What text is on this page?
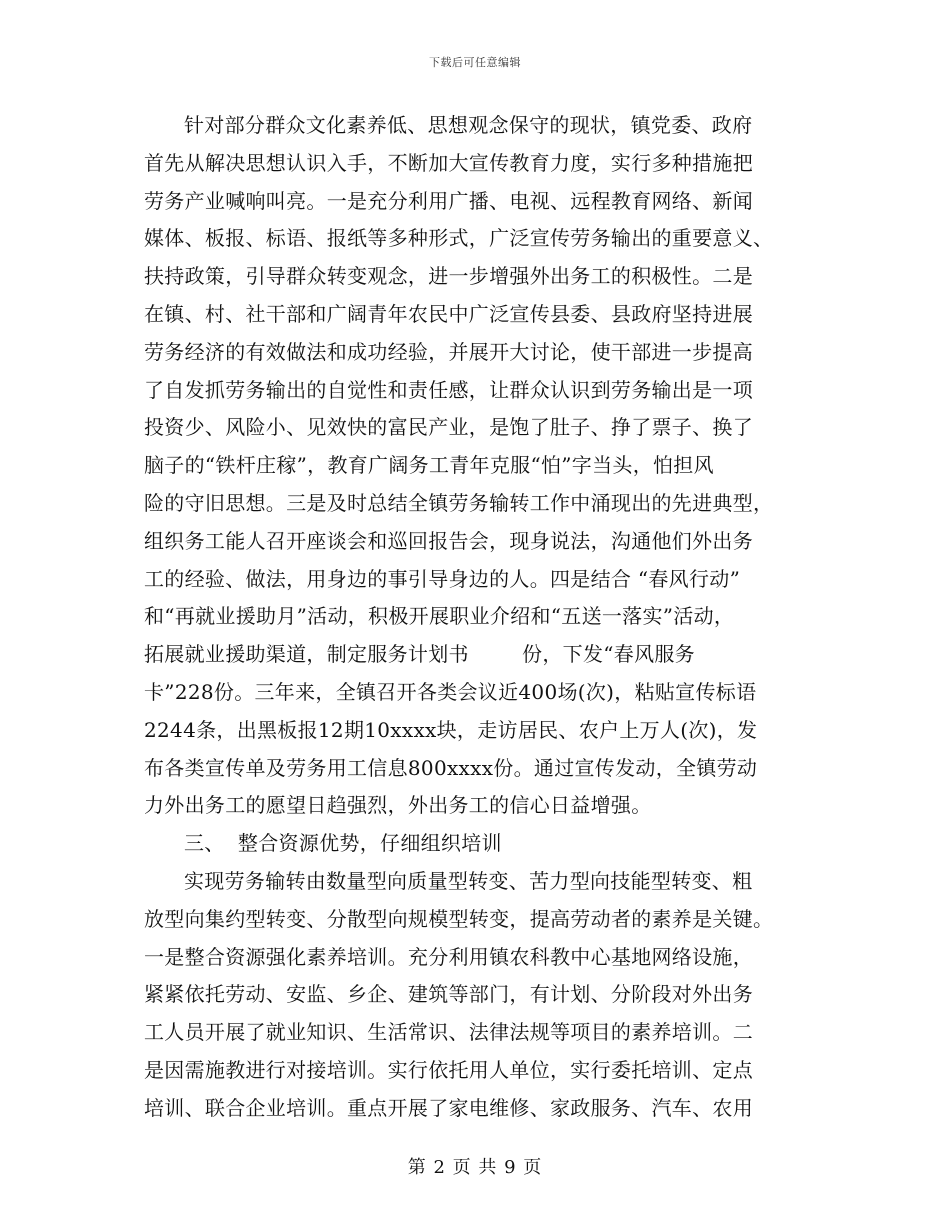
下载后可任意编辑
针对部分群众文化素养低、思想观念保守的现状，镇党委、政府
首先从解决思想认识入手，不断加大宣传教育力度，实行多种措施把
劳务产业喊响叫亮。一是充分利用广播、电视、远程教育网络、新闻
媒体、板报、标语、报纸等多种形式，广泛宣传劳务输出的重要意义、
扶持政策，引导群众转变观念，进一步增强外出务工的积极性。二是
在镇、村、社干部和广阔青年农民中广泛宣传县委、县政府坚持进展
劳务经济的有效做法和成功经验，并展开大讨论，使干部进一步提高
了自发抓劳务输出的自觉性和责任感，让群众认识到劳务输出是一项
投资少、风险小、见效快的富民产业，是饱了肚子、挣了票子、换了
脑子的“铁杆庄稼”，教育广阔务工青年克服“怕”字当头，怕担风
险的守旧思想。三是及时总结全镇劳务输转工作中涌现出的先进典型，
组织务工能人召开座谈会和巡回报告会，现身说法，沟通他们外出务
工的经验、做法，用身边的事引导身边的人。四是结合 “春风行动”
和“再就业援助月”活动，积极开展职业介绍和“五送一落实”活动，
拓展就业援助渠道，制定服务计划书        份，下发“春风服务
卡”228份。三年来，全镇召开各类会议近400场(次)，粘贴宣传标语
2244条，出黑板报12期10xxxx块，走访居民、农户上万人(次)，发
布各类宣传单及劳务用工信息800xxxx份。通过宣传发动，全镇劳动
力外出务工的愿望日趋强烈，外出务工的信心日益增强。
三、  整合资源优势，仔细组织培训
实现劳务输转由数量型向质量型转变、苦力型向技能型转变、粗
放型向集约型转变、分散型向规模型转变，提高劳动者的素养是关键。
一是整合资源强化素养培训。充分利用镇农科教中心基地网络设施，
紧紧依托劳动、安监、乡企、建筑等部门，有计划、分阶段对外出务
工人员开展了就业知识、生活常识、法律法规等项目的素养培训。二
是因需施教进行对接培训。实行依托用人单位，实行委托培训、定点
培训、联合企业培训。重点开展了家电维修、家政服务、汽车、农用
第 2 页 共 9 页
